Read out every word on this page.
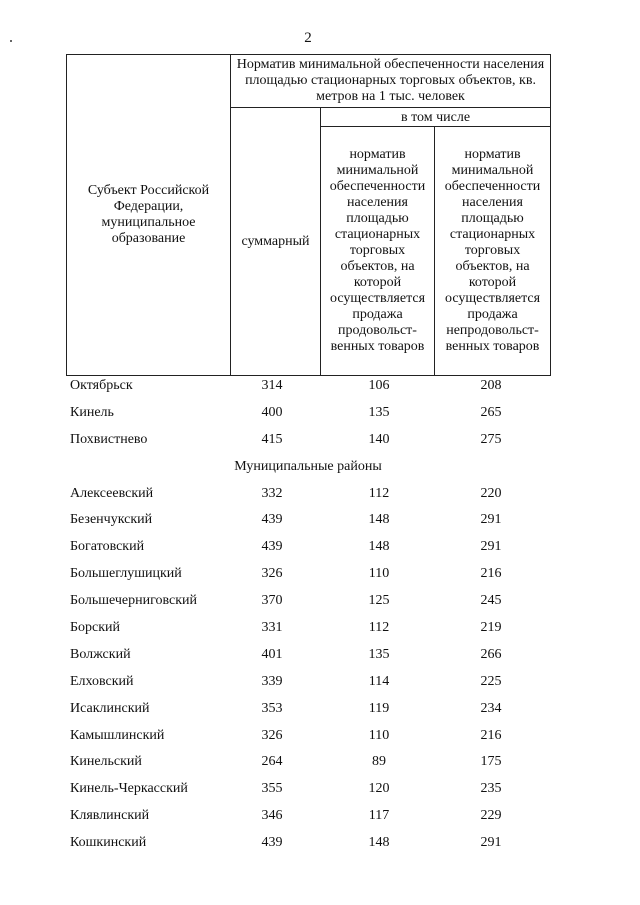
2
Субъект Российской Федерации, муниципальное образование	Норматив минимальной обеспеченности населения площадью стационарных торговых объектов, кв. метров на 1 тыс. человек		
	суммарный	в том числе	
		норматив минимальной обеспеченности населения площадью стационарных торговых объектов, на которой осуществляется продажа продовольст- венных товаров	норматив минимальной обеспеченности населения площадью стационарных торговых объектов, на которой осуществляется продажа непродовольст- венных товаров
Октябрьск	314	106	208
Кинель	400	135	265
Похвистнево	415	140	275
Муниципальные районы
Алексеевский	332	112	220
Безенчукский	439	148	291
Богатовский	439	148	291
Большеглушицкий	326	110	216
Большечерниговский	370	125	245
Борский	331	112	219
Волжский	401	135	266
Елховский	339	114	225
Исаклинский	353	119	234
Камышлинский	326	110	216
Кинельский	264	89	175
Кинель-Черкасский	355	120	235
Клявлинский	346	117	229
Кошкинский	439	148	291
